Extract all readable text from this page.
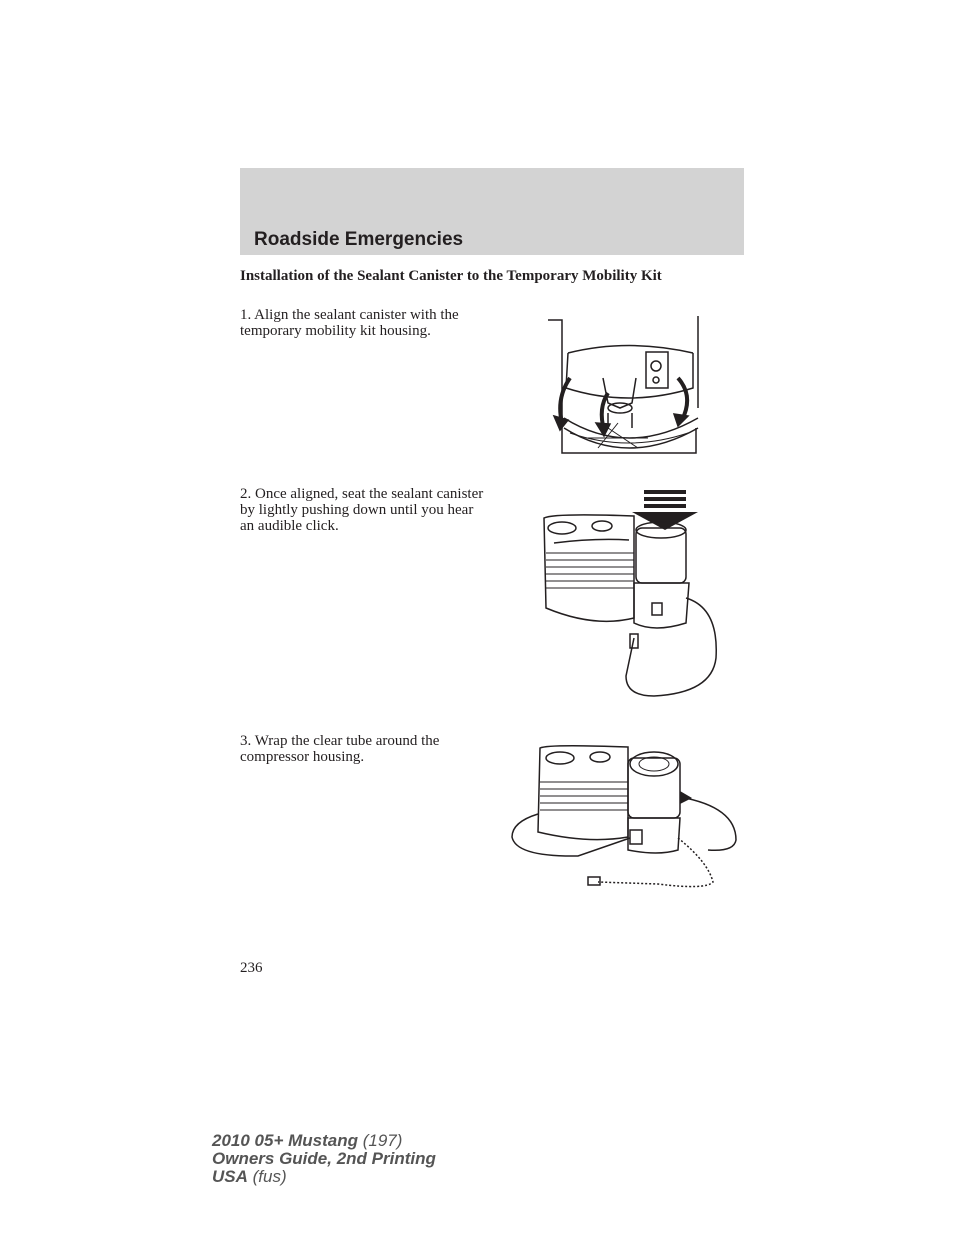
Roadside Emergencies
Installation of the Sealant Canister to the Temporary Mobility Kit

1. Align the sealant canister with the temporary mobility kit housing.

2. Once aligned, seat the sealant canister by lightly pushing down until you hear an audible click.

3. Wrap the clear tube around the compressor housing.

236

2010 05+ Mustang (197)
Owners Guide, 2nd Printing
USA (fus)
